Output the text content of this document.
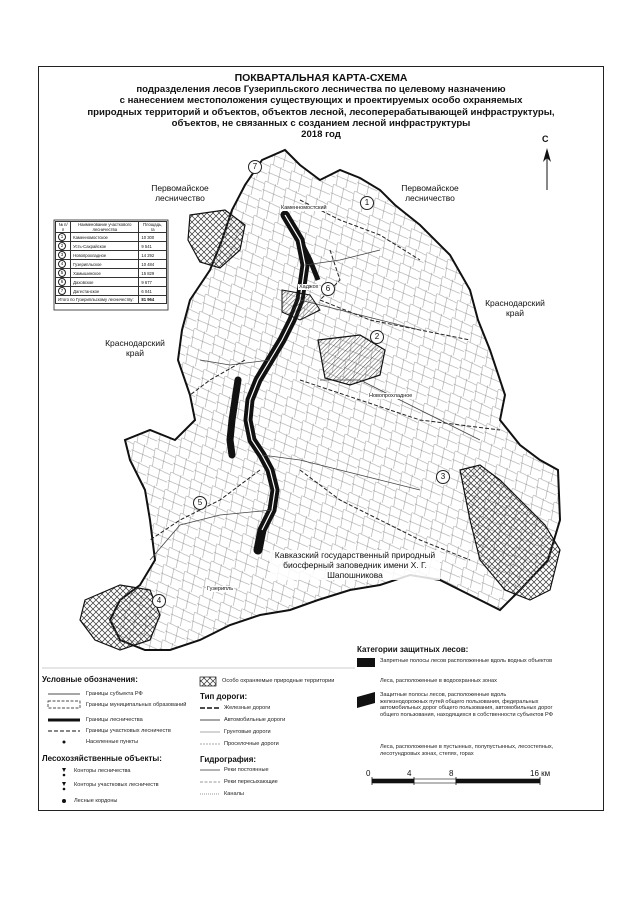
ПОКВАРТАЛЬНАЯ КАРТА-СХЕМА
подразделения лесов Гузерипльского лесничества по целевому назначению
с нанесением местоположения существующих и проектируемых особо охраняемых
природных территорий и объектов, объектов лесной, лесоперерабатывающей инфраструктуры,
объектов, не связанных с созданием лесной инфраструктуры
2018 год	С
Первомайское лесничество
Первомайское лесничество
Краснодарский край
Краснодарский край
Кавказский государственный природный биосферный заповедник имени Х. Г. Шапошникова
Каменномостский
Хаджох
Новопрохладное
Гузерипль
1
2
3
4
5
6
7
№ п/п	Наименование участкового лесничества	Площадь, га
1	Каменномостское	10 300
2	Усть-Сахрайское	9 541
3	Новопрохладное	14 292
4	Гузерипльское	10 484
5	Хамышинское	15 829
6	Даховское	9 677
7	Дагестанское	6 041
Итого по Гузерипльскому лесничеству:		81 964
Условные обозначения:
Границы субъекта РФ
Границы муниципальных образований
Границы лесничества
Границы участковых лесничеств
Населенные пункты
Лесохозяйственные объекты:
Конторы лесничества
Конторы участковых лесничеств
Лесные кордоны
Особо охраняемые природные территории
Тип дороги:
Железные дороги
Автомобильные дороги
Грунтовые дороги
Проселочные дороги
Гидрография:
Реки постоянные
Реки пересыхающие
Каналы
Категории защитных лесов:
Запретные полосы лесов расположенные вдоль водных объектов
Леса, расположенные в водоохранных зонах
Защитные полосы лесов, расположенные вдоль железнодорожных путей общего пользования, федеральных автомобильных дорог общего пользования, автомобильных дорог общего пользования, находящихся в собственности субъектов РФ
Леса, расположенные в пустынных, полупустынных, лесостепных, лесотундровых зонах, степях, горах
0	4	8	16 км
